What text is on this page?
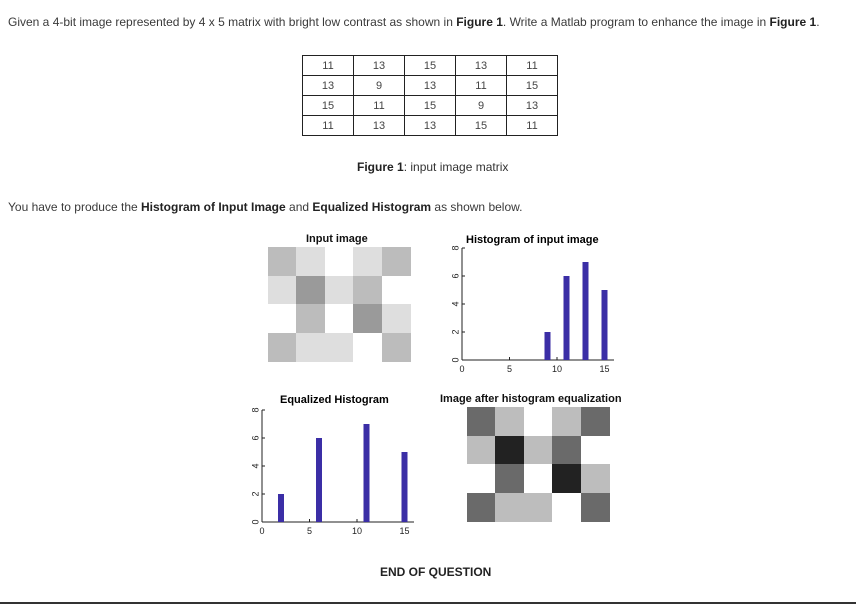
Given a 4-bit image represented by 4 x 5 matrix with bright low contrast as shown in Figure 1. Write a Matlab program to enhance the image in Figure 1.
11	13	15	13	11
13	9	13	11	15
15	11	15	9	13
11	13	13	15	11
Figure 1: input image matrix
You have to produce the Histogram of Input Image and Equalized Histogram as shown below.
Input image	Histogram of input image
0
2
4
6
8
0	5	10	15
Equalized Histogram
0
2
4
6
8
0	5	10	15
Image after histogram equalization
END OF QUESTION
